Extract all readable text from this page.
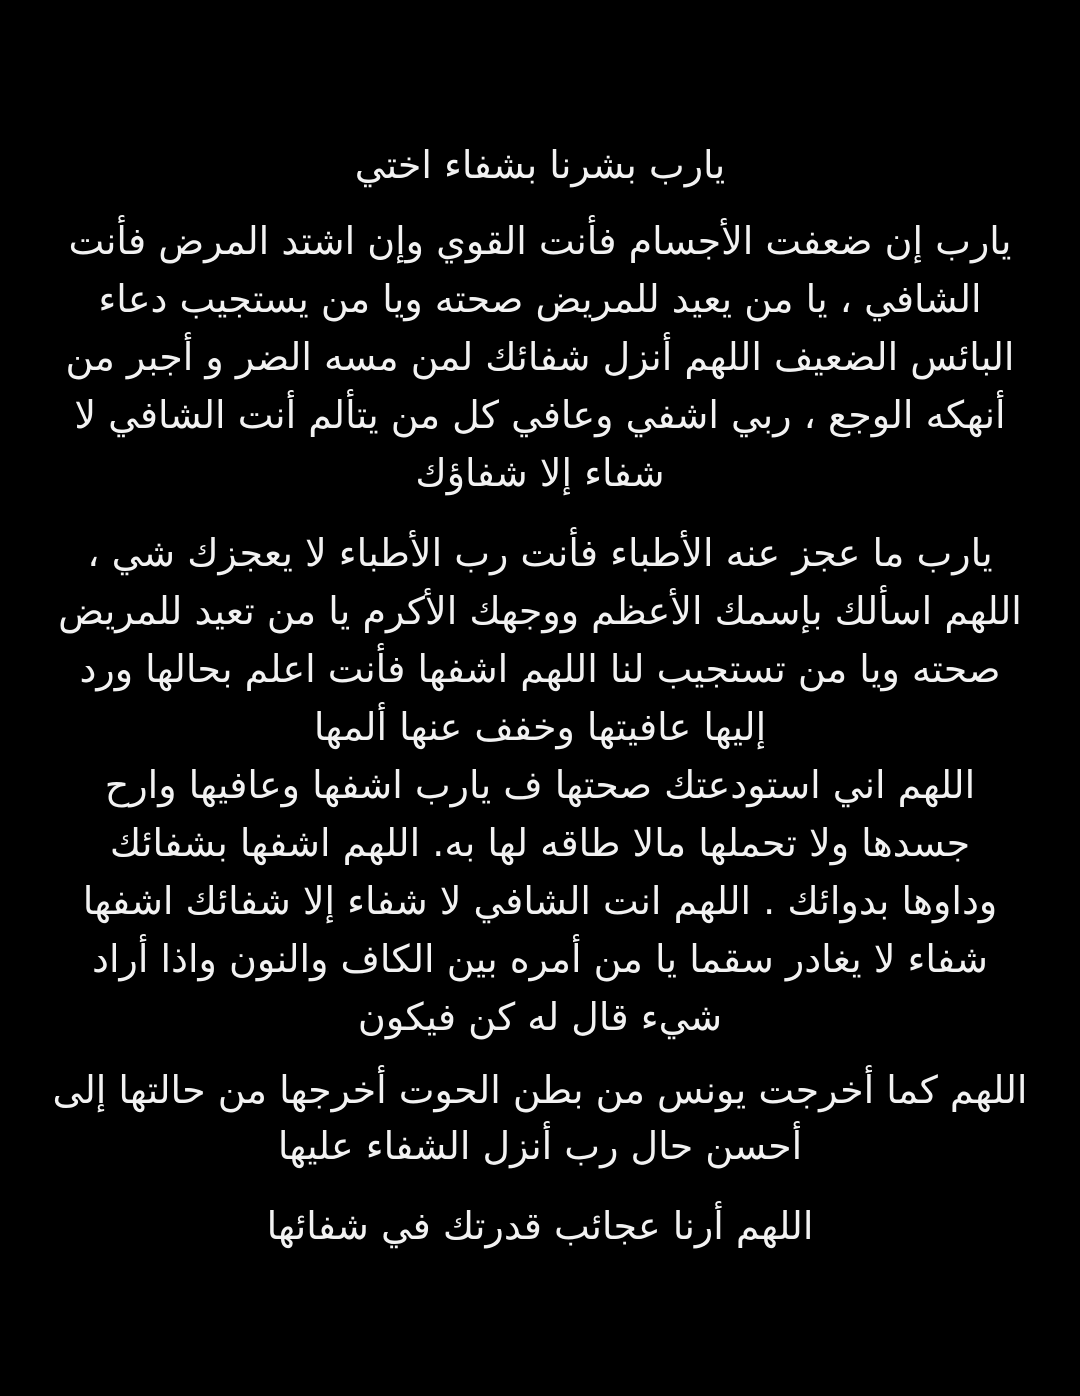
يارب بشرنا بشفاء اختي
يارب إن ضعفت الأجسام فأنت القوي وإن اشتد المرض فأنت
الشافي ، يا من يعيد للمريض صحته ويا من يستجيب دعاء
البائس الضعيف اللهم أنزل شفائك لمن مسه الضر و أجبر من
أنهكه الوجع ، ربي اشفي وعافي كل من يتألم أنت الشافي لا
شفاء إلا شفاؤك
يارب ما عجز عنه الأطباء فأنت رب الأطباء لا يعجزك شي ،
اللهم اسألك بإسمك الأعظم ووجهك الأكرم يا من تعيد للمريض
صحته ويا من تستجيب لنا اللهم اشفها فأنت اعلم بحالها ورد
إليها عافيتها وخفف عنها ألمها
اللهم اني استودعتك صحتها ف يارب اشفها وعافيها وارح
جسدها ولا تحملها مالا طاقه لها به. اللهم اشفها بشفائك
وداوها بدوائك . اللهم انت الشافي لا شفاء إلا شفائك اشفها
شفاء لا يغادر سقما يا من أمره بين الكاف والنون واذا أراد
شيء قال له كن فيكون
اللهم كما أخرجت يونس من بطن الحوت أخرجها من حالتها إلى
أحسن حال رب أنزل الشفاء عليها
اللهم أرنا عجائب قدرتك في شفائها
